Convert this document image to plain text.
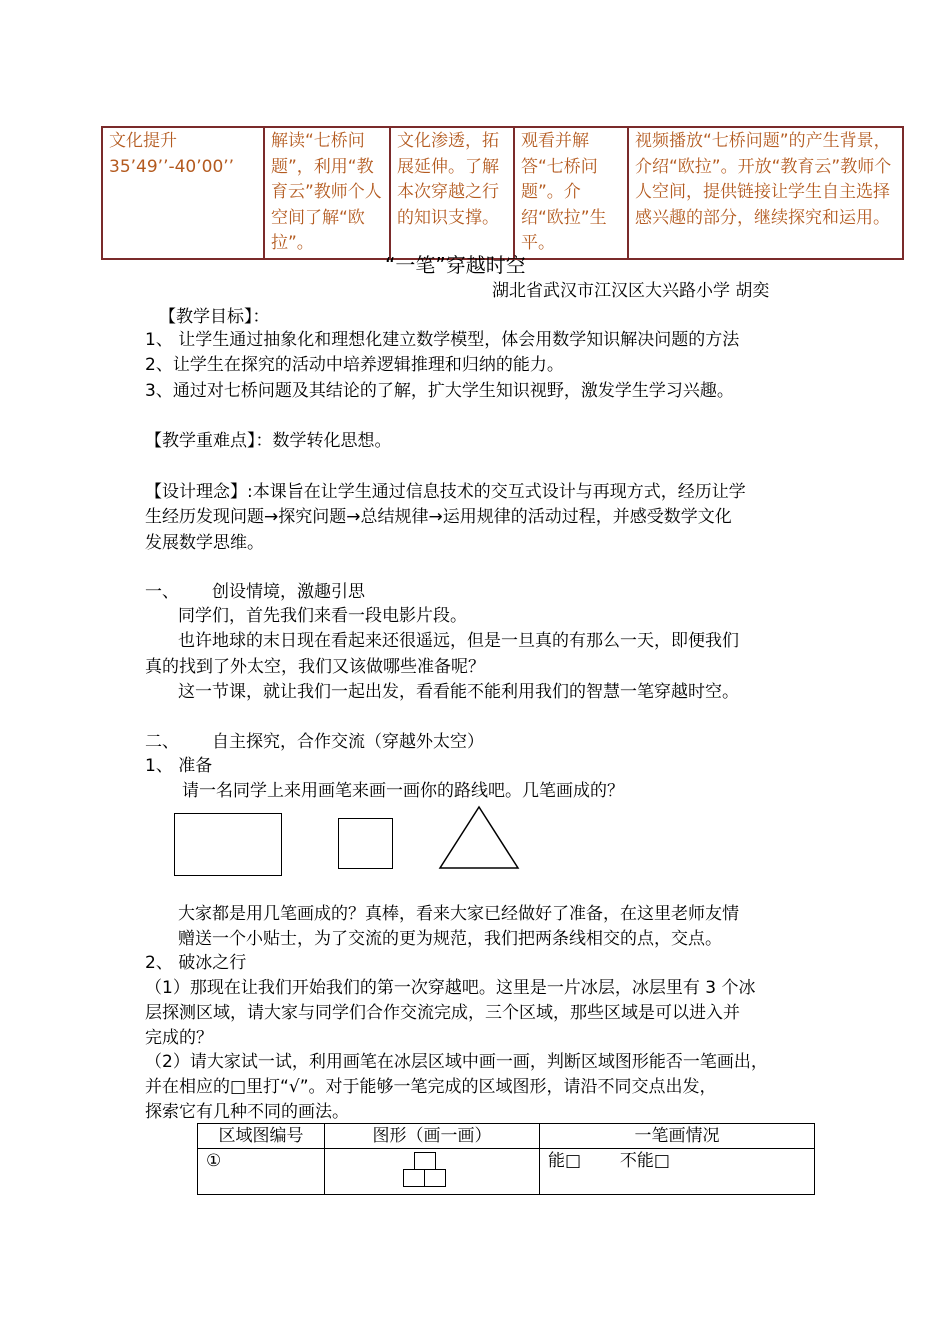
文化提升
35’49’’-40’00’’
	解读“七桥问题”，利用“教育云”教师个人空间了解“欧拉”。	文化渗透，拓展延伸。了解本次穿越之行的知识支撑。	观看并解答“七桥问题”。介绍“欧拉”生平。	视频播放“七桥问题”的产生背景，介绍“欧拉”。开放“教育云”教师个人空间，提供链接让学生自主选择感兴趣的部分，继续探究和运用。
“一笔”穿越时空
湖北省武汉市江汉区大兴路小学 胡奕
【教学目标】：
1、 让学生通过抽象化和理想化建立数学模型，体会用数学知识解决问题的方法
2、让学生在探究的活动中培养逻辑推理和归纳的能力。
3、通过对七桥问题及其结论的了解，扩大学生知识视野，激发学生学习兴趣。
【教学重难点】：数学转化思想。
【设计理念】:本课旨在让学生通过信息技术的交互式设计与再现方式，经历让学
生经历发现问题→探究问题→总结规律→运用规律的活动过程，并感受数学文化
发展数学思维。
一、 创设情境，激趣引思
同学们，首先我们来看一段电影片段。
也许地球的末日现在看起来还很遥远，但是一旦真的有那么一天，即便我们
真的找到了外太空，我们又该做哪些准备呢？
这一节课，就让我们一起出发，看看能不能利用我们的智慧一笔穿越时空。
二、 自主探究，合作交流（穿越外太空）
1、 准备
请一名同学上来用画笔来画一画你的路线吧。几笔画成的？
大家都是用几笔画成的？真棒，看来大家已经做好了准备，在这里老师友情
赠送一个小贴士，为了交流的更为规范，我们把两条线相交的点，交点。
2、 破冰之行
（1）那现在让我们开始我们的第一次穿越吧。这里是一片冰层，冰层里有 3 个冰
层探测区域，请大家与同学们合作交流完成，三个区域，那些区域是可以进入并
完成的？
（2）请大家试一试，利用画笔在冰层区域中画一画，判断区域图形能否一笔画出，
并在相应的□里打“√”。对于能够一笔完成的区域图形，请沿不同交点出发，
探索它有几种不同的画法。
区域图编号	图形（画一画）	一笔画情况
①		能□ 不能□
